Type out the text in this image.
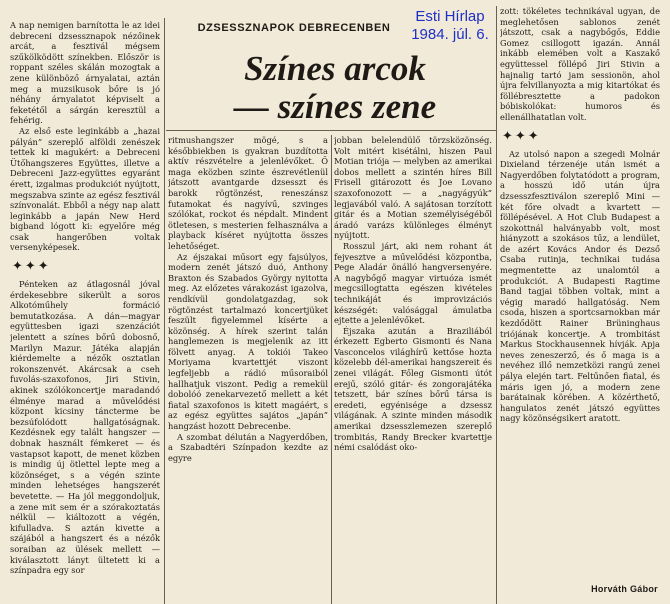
Esti Hírlap
1984. júl. 6.
DZSESSZNAPOK DEBRECENBEN
Színes arcok
— színes zene

A nap nemigen barnította le az idei debreceni dzsessznapok nézőinek arcát, a fesztivál mégsem szűkölködött színekben. Először is roppant széles skálán mozogtak a zene különböző árnyalatai, aztán meg a muzsikusok bőre is jó néhány árnyalatot képviselt a feketétől a sárgán keresztül a fehérig.

Az első este leginkább a „hazai pályán” szereplő alföldi zenészek tettek ki magukért: a Debreceni Ütőhangszeres Együttes, illetve a Debreceni Jazz-együttes egyaránt érett, izgalmas produkciót nyújtott, megszabva szinte az egész fesztivál színvonalát. Ebből a négy nap alatt leginkább a japán New Herd bigband lógott ki: egyelőre még csak hangerőben voltak versenyképesek.

✦✦✦

Pénteken az átlagosnál jóval érdekesebbre sikerült a soros Alkotóműhely formáció bemutatkozása. A dán—magyar együttesben igazi szenzációt jelentett a színes bőrű dobosnő, Marilyn Mazur. Játéka alapján kiérdemelte a nézők osztatlan rokonszenvét. Akárcsak a cseh fuvolás-szaxofonos, Jiri Stivin, akinek szólókoncertje maradandó élménye marad a művelődési központ kicsiny táncterme be bezsúfolódott hallgatóságnak. Kezdésnek egy talált hangszer — dobnak használt fémkeret — és vastapsot kapott, de menet közben is mindig új ötlettel lepte meg a közönséget, s a végén szinte minden lehetséges hangszerét bevetette. — Ha jól meggondoljuk, a zene mit sem ér a szórakoztatás nélkül — kiáltozott a végén, kifulladva. S aztán kivette a szájából a hangszert és a nézők soraiban az ülések mellett — kiválasztott lányt ültetett ki a színpadra egy sor

ritmushangszer mögé, s a későbbiekben is gyakran buzdította aktív részvételre a jelenlévőket. Ő maga eközben szinte észrevétlenül játszott avantgarde dzsesszt és barokk rögtönzést, reneszánsz futamokat és nagyívű, szvinges szólókat, rockot és népdalt. Mindent ötletesen, s mesterien felhasználva a playback kíséret nyújtotta összes lehetőséget.

Az éjszakai műsort egy fajsúlyos, modern zenét játszó duó, Anthony Braxton és Szabados György nyitotta meg. Az előzetes várakozást igazolva, rendkívül gondolatgazdag, sok rögtönzést tartalmazó koncertjüket feszült figyelemmel kísérte a közönség. A hírek szerint talán hanglemezen is megjelenik az itt fölvett anyag. A tokiói Takeo Moriyama kvartettjét viszont legfeljebb a rádió műsoraiból hallhatjuk viszont. Pedig a remekül dobolóó zenekarvezető mellett a két fiatal szaxofonos is kitett magáért, s az egész együttes sajátos „japán” hangzást hozott Debrecenbe.

A szombat délután a Nagyerdőben, a Szabadtéri Színpadon kezdte az egyre

jobban belelendülő törzsközönség. Volt mitért kisétálni, hiszen Paul Motian triója — melyben az amerikai dobos mellett a szintén híres Bill Frisell gitározott és Joe Lovano szaxofonozott — a „nagyágyúk” legjavából való. A sajátosan torzított gitár és a Motian személyiségéből áradó varázs különleges élményt nyújtott.

Rosszul járt, aki nem rohant át fejvesztve a művelődési központba, Pege Aladár önálló hangversenyére. A nagybőgő magyar virtuóza ismét megcsillogtatta egészen kivételes technikáját és improvizációs készségét: valósággal ámulatba ejtette a jelenlévőket.

Éjszaka azután a Braziliából érkezett Egberto Gismonti és Nana Vasconcelos világhírű kettőse hozta közelebb dél-amerikai hangszereit és zenei világát. Főleg Gismonti útót erejű, szóló gitár- és zongorajátéka tetszett, bár színes bőrű társa is eredeti, egyénisége a dzsessz világának. A szinte minden második amerikai dzsesszlemezen szereplő trombitás, Randy Brecker kvartettje némi csalódást oko-

zott: tökéletes technikával ugyan, de meglehetősen sablonos zenét játszott, csak a nagybőgős, Eddie Gomez csillogott igazán. Annál inkább elemében volt a Kaszakő együttessel föllépő Jiri Stivin a hajnalig tartó jam sessionön, ahol újra felvillanyozta a mig kitartókat és föllébresztette a padokon bóbiskolókat: humoros és ellenállhatatlan volt.

✦✦✦

Az utolsó napon a szegedi Molnár Dixieland térzenéje után ismét a Nagyerdőben folytatódott a program, a hosszú idő után újra dzsesszfesztiválon szereplő Mini — két főre olvadt a kvartett — föllépésével. A Hot Club Budapest a szokottnál halványabb volt, most hiányzott a szokásos tűz, a lendület, de azért Kovács Andor és Dezső Csaba rutinja, technikai tudása megmentette az unalomtól a produkciót. A Budapesti Ragtime Band tagjai többen voltak, mint a végig maradó hallgatóság. Nem csoda, hiszen a sportcsarnokban már kezdődött Rainer Brüninghaus triójának koncertje. A trombitást Markus Stockhausennek hívják. Apja neves zeneszerző, és ő maga is a nevéhez illő nemzetközi rangú zenei pálya elején tart. Feltűnően fiatal, és máris igen jó, a modern zene barátainak körében. A közérthető, hangulatos zenét játszó együttes nagy közönségsikert aratott.

Horváth Gábor
